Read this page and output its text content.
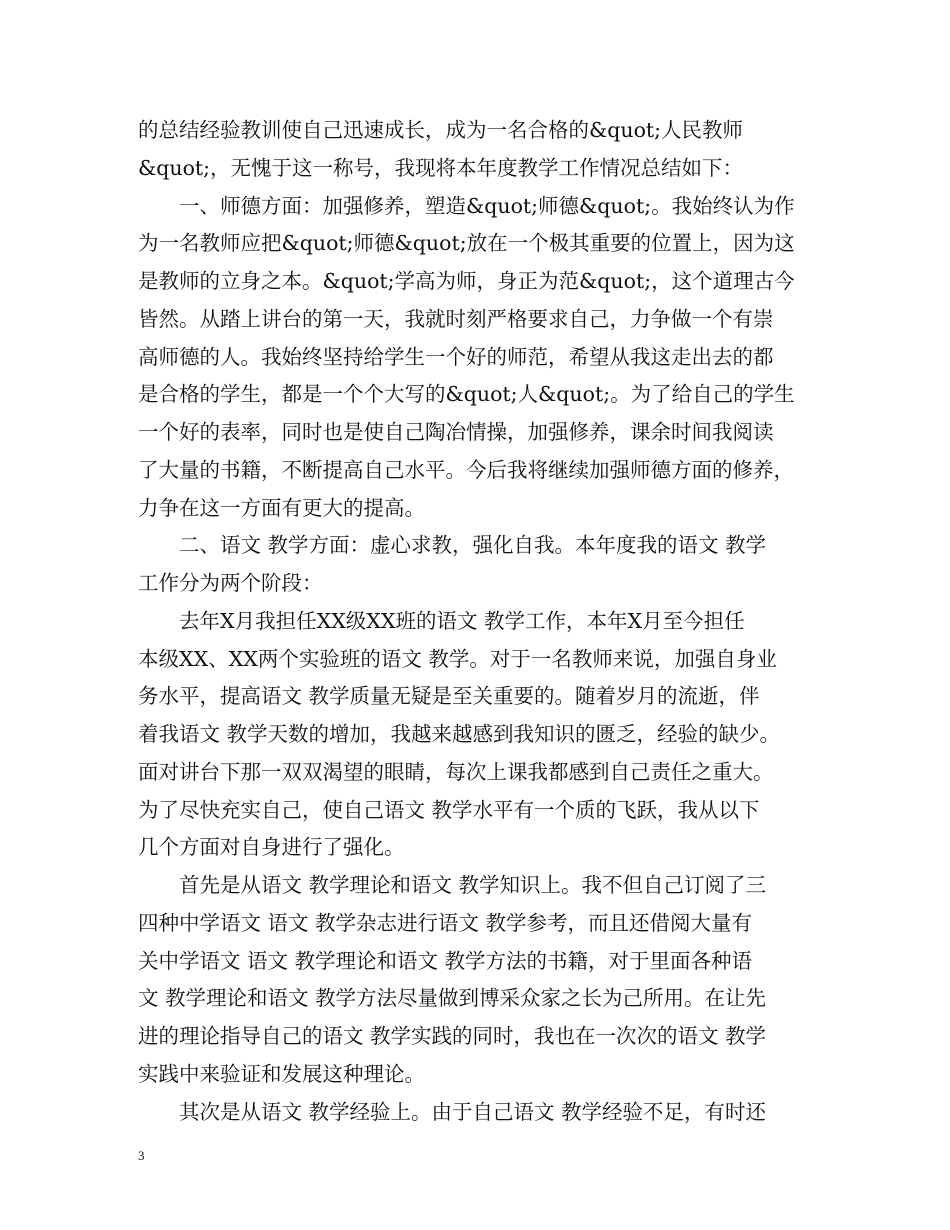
的总结经验教训使自己迅速成长，成为一名合格的&quot;人民教师
&quot;，无愧于这一称号，我现将本年度教学工作情况总结如下：
　　一、师德方面：加强修养，塑造&quot;师德&quot;。我始终认为作
为一名教师应把&quot;师德&quot;放在一个极其重要的位置上，因为这
是教师的立身之本。&quot;学高为师，身正为范&quot;，这个道理古今
皆然。从踏上讲台的第一天，我就时刻严格要求自己，力争做一个有崇
高师德的人。我始终坚持给学生一个好的师范，希望从我这走出去的都
是合格的学生，都是一个个大写的&quot;人&quot;。为了给自己的学生
一个好的表率，同时也是使自己陶冶情操，加强修养，课余时间我阅读
了大量的书籍，不断提高自己水平。今后我将继续加强师德方面的修养，
力争在这一方面有更大的提高。
　　二、语文 教学方面：虚心求教，强化自我。本年度我的语文 教学
工作分为两个阶段：
　　去年X月我担任XX级XX班的语文 教学工作，本年X月至今担任
本级XX、XX两个实验班的语文 教学。对于一名教师来说，加强自身业
务水平，提高语文 教学质量无疑是至关重要的。随着岁月的流逝，伴
着我语文 教学天数的增加，我越来越感到我知识的匮乏，经验的缺少。
面对讲台下那一双双渴望的眼睛，每次上课我都感到自己责任之重大。
为了尽快充实自己，使自己语文 教学水平有一个质的飞跃，我从以下
几个方面对自身进行了强化。
　　首先是从语文 教学理论和语文 教学知识上。我不但自己订阅了三
四种中学语文 语文 教学杂志进行语文 教学参考，而且还借阅大量有
关中学语文 语文 教学理论和语文 教学方法的书籍，对于里面各种语
文 教学理论和语文 教学方法尽量做到博采众家之长为己所用。在让先
进的理论指导自己的语文 教学实践的同时，我也在一次次的语文 教学
实践中来验证和发展这种理论。
　　其次是从语文 教学经验上。由于自己语文 教学经验不足，有时还
3
